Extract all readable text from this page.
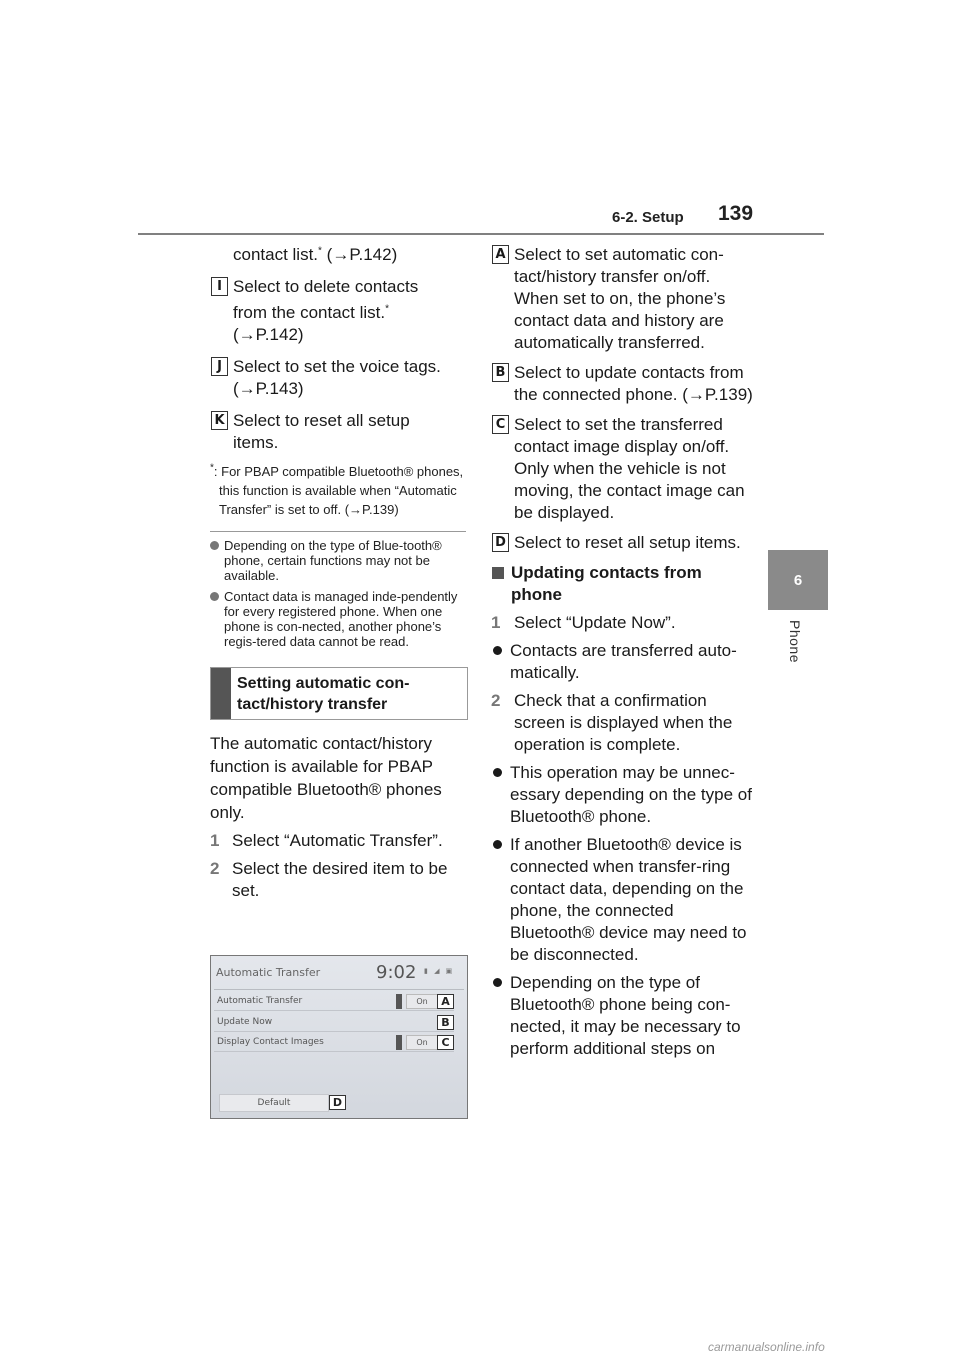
6-2. Setup 139
6
Phone
contact list.* (→P.142)
I Select to delete contacts
from the contact list.*
(→P.142)
J Select to set the voice tags.
(→P.143)
K Select to reset all setup
items.
*: For PBAP compatible Bluetooth® phones, this function is available when “Automatic Transfer” is set to off. (→P.139)
Depending on the type of Blue-tooth® phone, certain functions may not be available.
Contact data is managed inde-pendently for every registered phone. When one phone is con-nected, another phone’s regis-tered data cannot be read.
Setting automatic con-
tact/history transfer
The automatic contact/history function is available for PBAP compatible Bluetooth® phones only.
1 Select “Automatic Transfer”.
2 Select the desired item to be set.
Automatic Transfer	9:02 ▮ ◢ ▣
Automatic Transfer	On	A
Update Now	B
Display Contact Images	On	C
Default	D
A Select to set automatic con-tact/history transfer on/off. When set to on, the phone’s contact data and history are automatically transferred.
B Select to update contacts from the connected phone. (→P.139)
C Select to set the transferred contact image display on/off. Only when the vehicle is not moving, the contact image can be displayed.
D Select to reset all setup items.
Updating contacts from phone
1 Select “Update Now”.
Contacts are transferred auto-matically.
2 Check that a confirmation screen is displayed when the operation is complete.
This operation may be unnec-essary depending on the type of Bluetooth® phone.
If another Bluetooth® device is connected when transfer-ring contact data, depending on the phone, the connected Bluetooth® device may need to be disconnected.
Depending on the type of Bluetooth® phone being con-nected, it may be necessary to perform additional steps on
carmanualsonline.info
